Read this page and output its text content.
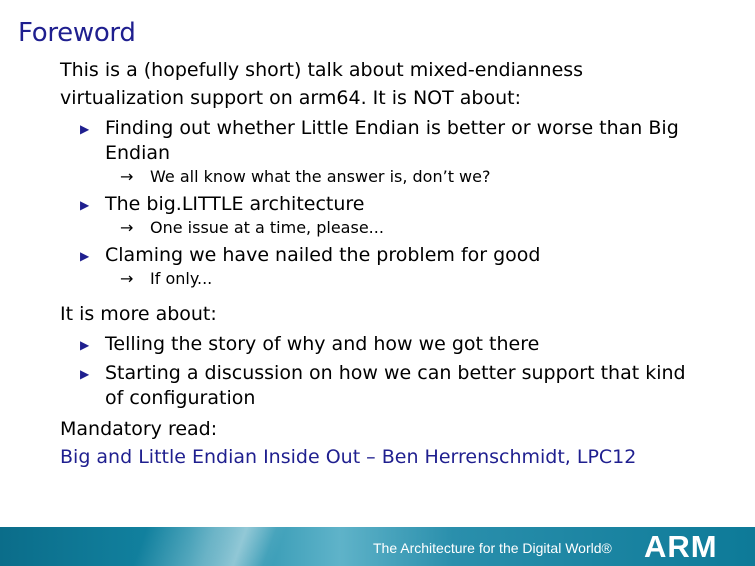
Foreword
This is a (hopefully short) talk about mixed-endianness
virtualization support on arm64. It is NOT about:
▶ Finding out whether Little Endian is better or worse than Big
Endian
→ We all know what the answer is, don’t we?
▶ The big.LITTLE architecture
→ One issue at a time, please...
▶ Claming we have nailed the problem for good
→ If only...
It is more about:
▶ Telling the story of why and how we got there
▶ Starting a discussion on how we can better support that kind
of configuration
Mandatory read:
Big and Little Endian Inside Out – Ben Herrenschmidt, LPC12
The Architecture for the Digital World® ARM
